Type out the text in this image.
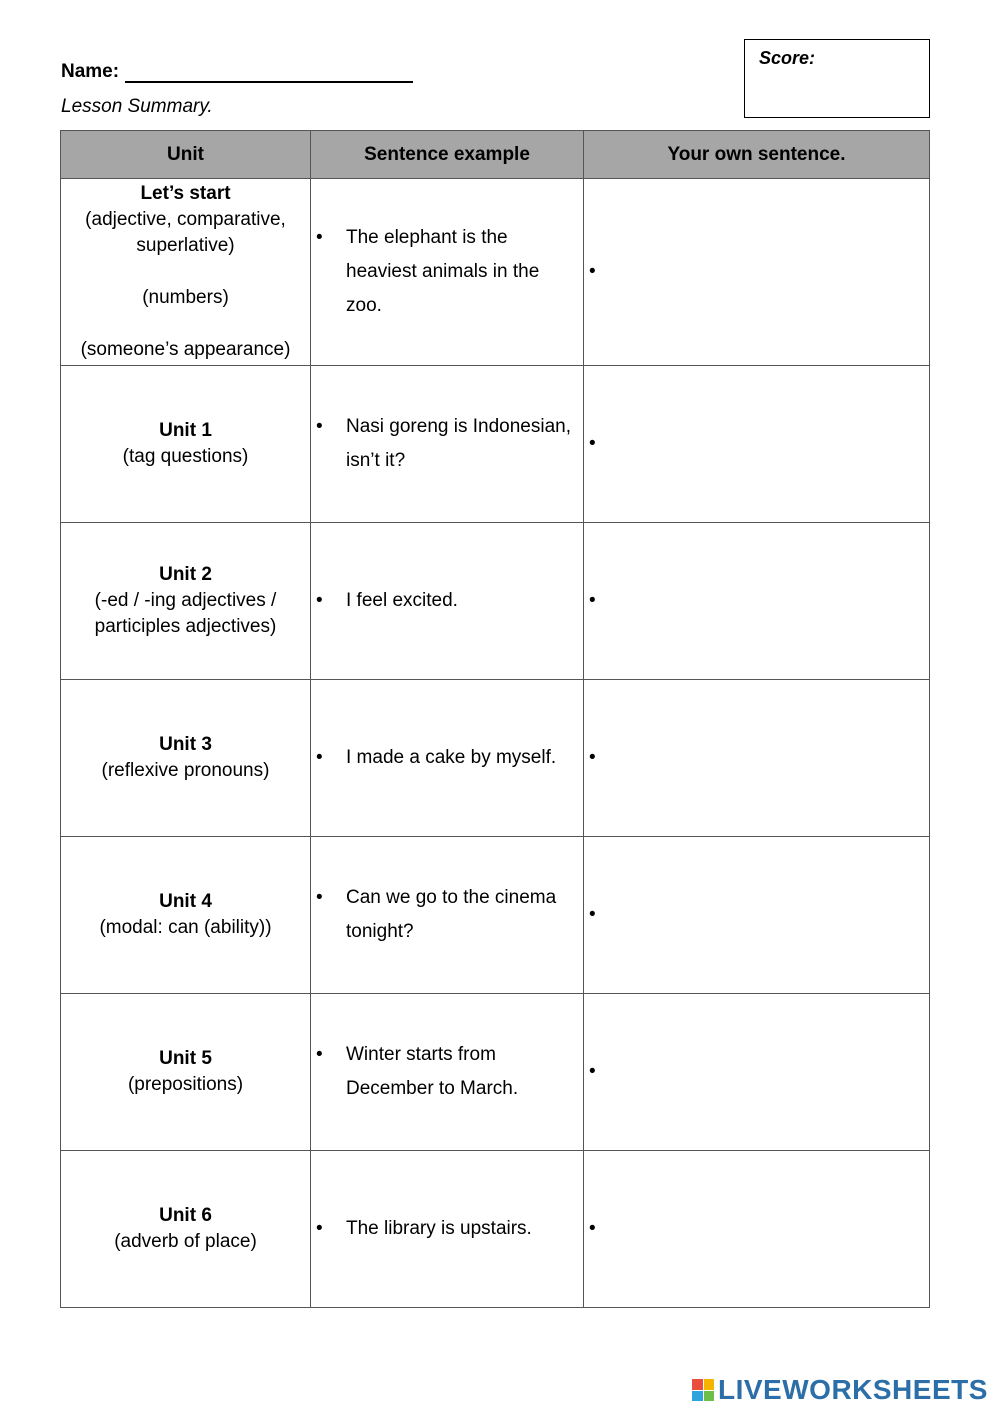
Name:
Lesson Summary.
Score:
Unit	Sentence example	Your own sentence.

Let’s start
(adjective, comparative, superlative)
(numbers)
(someone’s appearance)	• The elephant is the heaviest animals in the zoo.	•

Unit 1
(tag questions)	• Nasi goreng is Indonesian, isn’t it?	•

Unit 2
(-ed / -ing adjectives / participles adjectives)	• I feel excited.	•

Unit 3
(reflexive pronouns)	• I made a cake by myself.	•

Unit 4
(modal: can (ability))	• Can we go to the cinema tonight?	•

Unit 5
(prepositions)	• Winter starts from December to March.	•

Unit 6
(adverb of place)	• The library is upstairs.	•
LIVEWORKSHEETS
